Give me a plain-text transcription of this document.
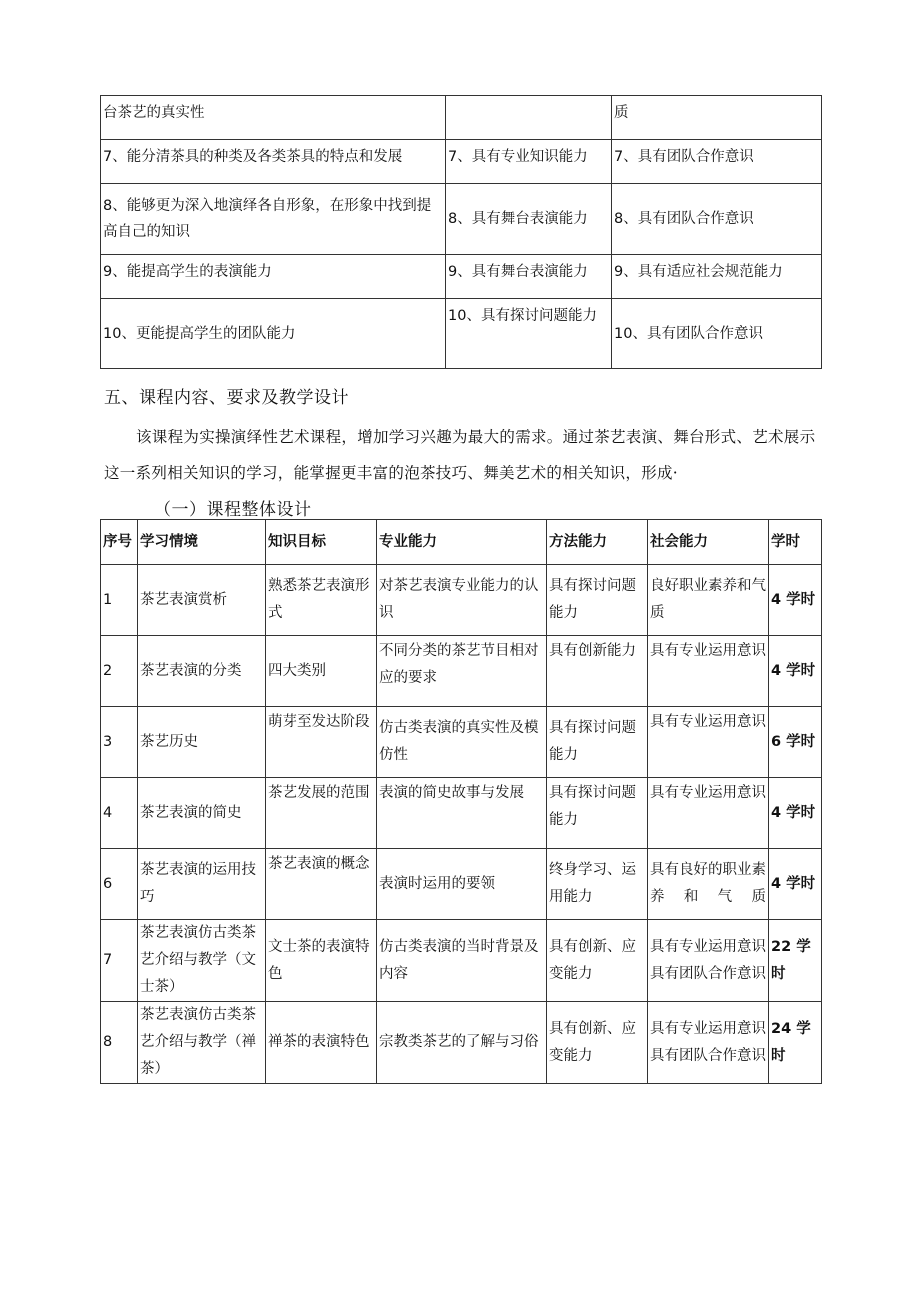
台茶艺的真实性		质
7、能分清茶具的种类及各类茶具的特点和发展	7、具有专业知识能力	7、具有团队合作意识
8、能够更为深入地演绎各自形象，在形象中找到提高自己的知识	8、具有舞台表演能力	8、具有团队合作意识
9、能提高学生的表演能力	9、具有舞台表演能力	9、具有适应社会规范能力
10、更能提高学生的团队能力	10、具有探讨问题能力	10、具有团队合作意识
五、课程内容、要求及教学设计
该课程为实操演绎性艺术课程，增加学习兴趣为最大的需求。通过茶艺表演、舞台形式、艺术展示这一系列相关知识的学习，能掌握更丰富的泡茶技巧、舞美艺术的相关知识，形成·
（一）课程整体设计
序号	学习情境	知识目标	专业能力	方法能力	社会能力	学时
1	茶艺表演赏析	熟悉茶艺表演形式	对茶艺表演专业能力的认识	具有探讨问题能力	良好职业素养和气质	4 学时
2	茶艺表演的分类	四大类别	不同分类的茶艺节目相对应的要求	具有创新能力	具有专业运用意识	4 学时
3	茶艺历史	萌芽至发达阶段	仿古类表演的真实性及模仿性	具有探讨问题能力	具有专业运用意识	6 学时
4	茶艺表演的简史	茶艺发展的范围	表演的简史故事与发展	具有探讨问题能力	具有专业运用意识	4 学时
6	茶艺表演的运用技巧	茶艺表演的概念	表演时运用的要领	终身学习、运用能力	具有良好的职业素养和气质	4 学时
7	茶艺表演仿古类茶艺介绍与教学（文士茶）	文士茶的表演特色	仿古类表演的当时背景及内容	具有创新、应变能力	具有专业运用意识具有团队合作意识	22 学时
8	茶艺表演仿古类茶艺介绍与教学（禅茶）	禅茶的表演特色	宗教类茶艺的了解与习俗	具有创新、应变能力	具有专业运用意识具有团队合作意识	24 学时
